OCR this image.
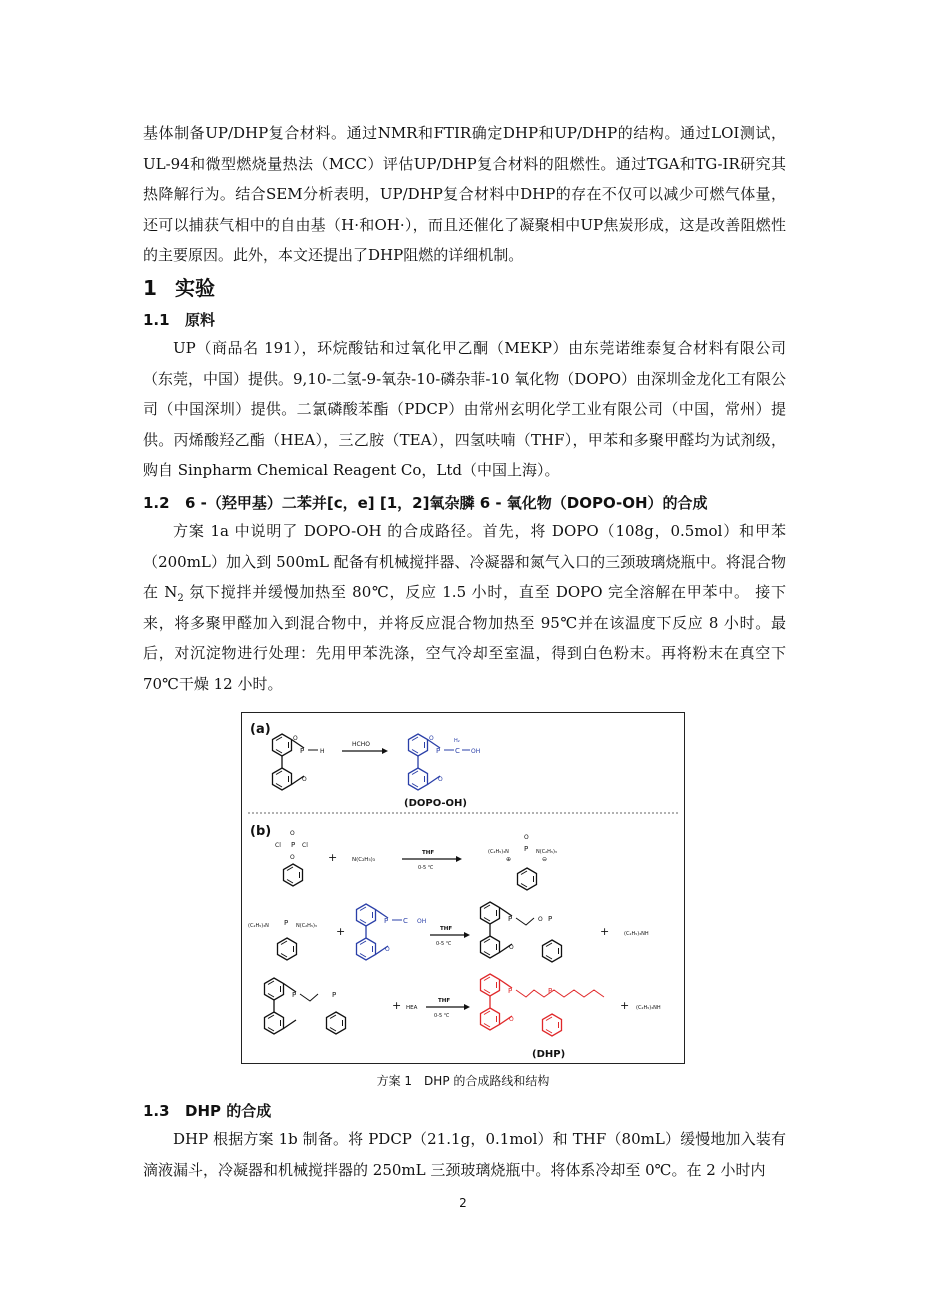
基体制备UP/DHP复合材料。通过NMR和FTIR确定DHP和UP/DHP的结构。通过LOI测试，UL-94和微型燃烧量热法（MCC）评估UP/DHP复合材料的阻燃性。通过TGA和TG-IR研究其热降解行为。结合SEM分析表明，UP/DHP复合材料中DHP的存在不仅可以减少可燃气体量，还可以捕获气相中的自由基（H·和OH·），而且还催化了凝聚相中UP焦炭形成，这是改善阻燃性的主要原因。此外，本文还提出了DHP阻燃的详细机制。

1 实验
1.1 原料

UP（商品名 191），环烷酸钴和过氧化甲乙酮（MEKP）由东莞诺维泰复合材料有限公司（东莞，中国）提供。9,10-二氢-9-氧杂-10-磷杂菲-10 氧化物（DOPO）由深圳金龙化工有限公司（中国深圳）提供。二氯磷酸苯酯（PDCP）由常州玄明化学工业有限公司（中国，常州）提供。丙烯酸羟乙酯（HEA），三乙胺（TEA），四氢呋喃（THF），甲苯和多聚甲醛均为试剂级，购自 Sinpharm Chemical Reagent Co，Ltd（中国上海）。

1.2 6 -（羟甲基）二苯并[c，e] [1，2]氧杂膦 6 - 氧化物（DOPO-OH）的合成

方案 1a 中说明了 DOPO-OH 的合成路径。首先，将 DOPO（108g，0.5mol）和甲苯（200mL）加入到 500mL 配备有机械搅拌器、冷凝器和氮气入口的三颈玻璃烧瓶中。将混合物在 $N_2$ 氛下搅拌并缓慢加热至 80℃，反应 1.5 小时，直至 DOPO 完全溶解在甲苯中。 接下来，将多聚甲醛加入到混合物中，并将反应混合物加热至 95℃并在该温度下反应 8 小时。最后，对沉淀物进行处理：先用甲苯洗涤，空气冷却至室温，得到白色粉末。再将粉末在真空下 70℃干燥 12 小时。

(a)
P
O
H
O
HCHO
P
O	H₂
C OH
O
(DOPO-OH)
(b)	O
Cl P Cl
O	+	N(C₂H₅)₃
THF
0-5 ℃
(C₂H₅)₃N
O
P N(C₂H₅)₃
⊕	⊖
(C₂H₅)₃N P N(C₂H₅)₃ +
P C OH
O
THF
0-5 ℃
P	O P
O
+	(C₂H₅)₃NH
P	P
+ HEA
THF
0-5 ℃
P	P
O
(DHP)
+ (C₂H₅)₃NH
方案 1　DHP 的合成路线和结构
1.3 DHP 的合成

DHP 根据方案 1b 制备。将 PDCP（21.1g，0.1mol）和 THF（80mL）缓慢地加入装有滴液漏斗，冷凝器和机械搅拌器的 250mL 三颈玻璃烧瓶中。将体系冷却至 0℃。在 2 小时内

2
